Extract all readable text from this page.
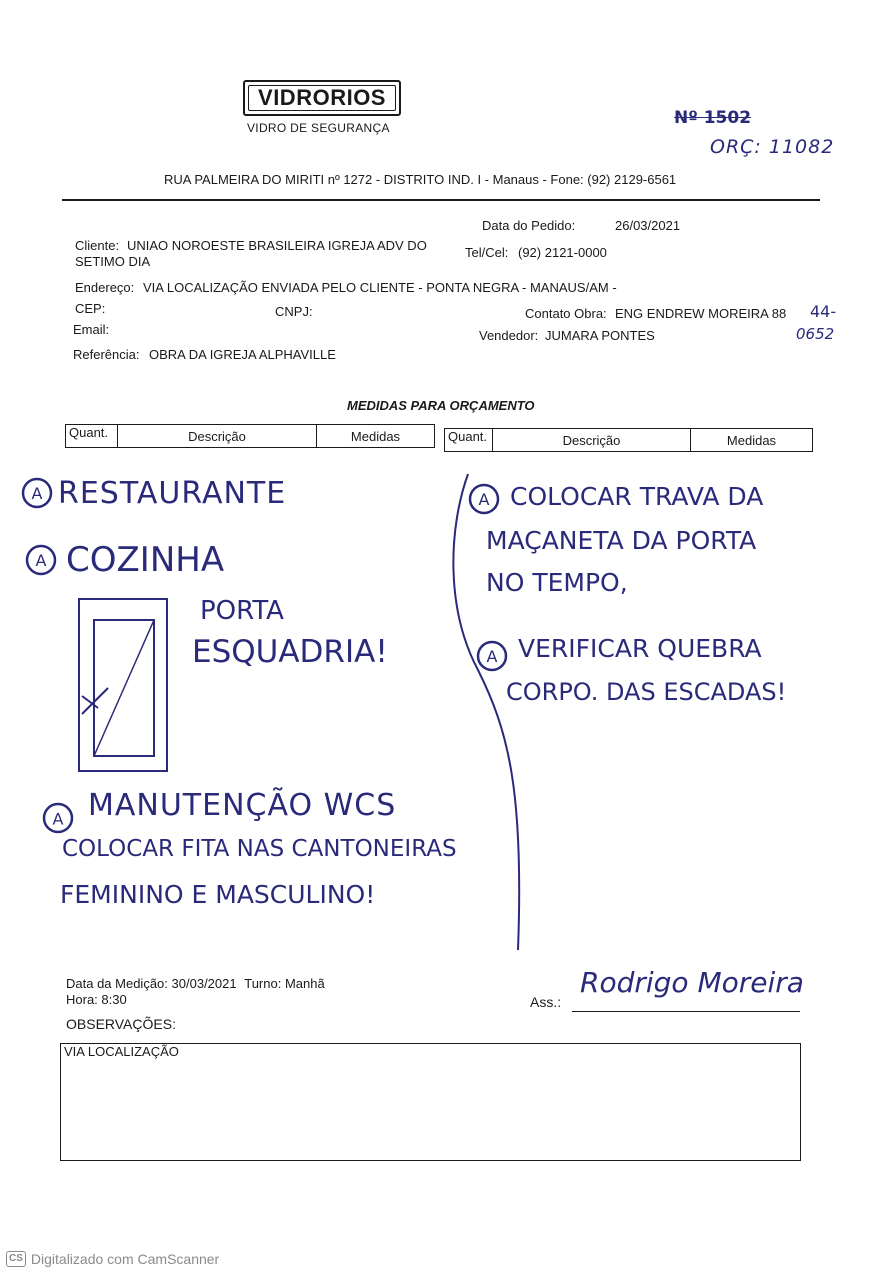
VIDRORIOS
VIDRO DE SEGURANÇA	Nº 1502
ORÇ: 11082
RUA PALMEIRA DO MIRITI nº 1272 - DISTRITO IND. I - Manaus - Fone: (92) 2129-6561
Data do Pedido:	26/03/2021
Cliente: UNIAO NOROESTE BRASILEIRA IGREJA ADV DO
SETIMO DIA
Tel/Cel: (92) 2121-0000
Endereço: VIA LOCALIZAÇÃO ENVIADA PELO CLIENTE - PONTA NEGRA - MANAUS/AM -
CEP:	CNPJ:	Contato Obra: ENG ENDREW MOREIRA 88 44-
0652
Email:	Vendedor: JUMARA PONTES
Referência: OBRA DA IGREJA ALPHAVILLE
MEDIDAS PARA ORÇAMENTO
Quant.	Descrição	Medidas	Quant.	Descrição	Medidas
A RESTAURANTE
A COZINHA
PORTA
ESQUADRIA!
A MANUTENÇÃO WCS
COLOCAR FITA NAS CANTONEIRAS
FEMININO E MASCULINO!
A COLOCAR TRAVA DA
MAÇANETA DA PORTA
NO TEMPO,
A VERIFICAR QUEBRA
CORPO. DAS ESCADAS!
Data da Medição: 30/03/2021 Turno: Manhã
Hora: 8:30	Ass.:
Rodrigo Moreira
OBSERVAÇÕES:
VIA LOCALIZAÇÃO
CS Digitalizado com CamScanner
